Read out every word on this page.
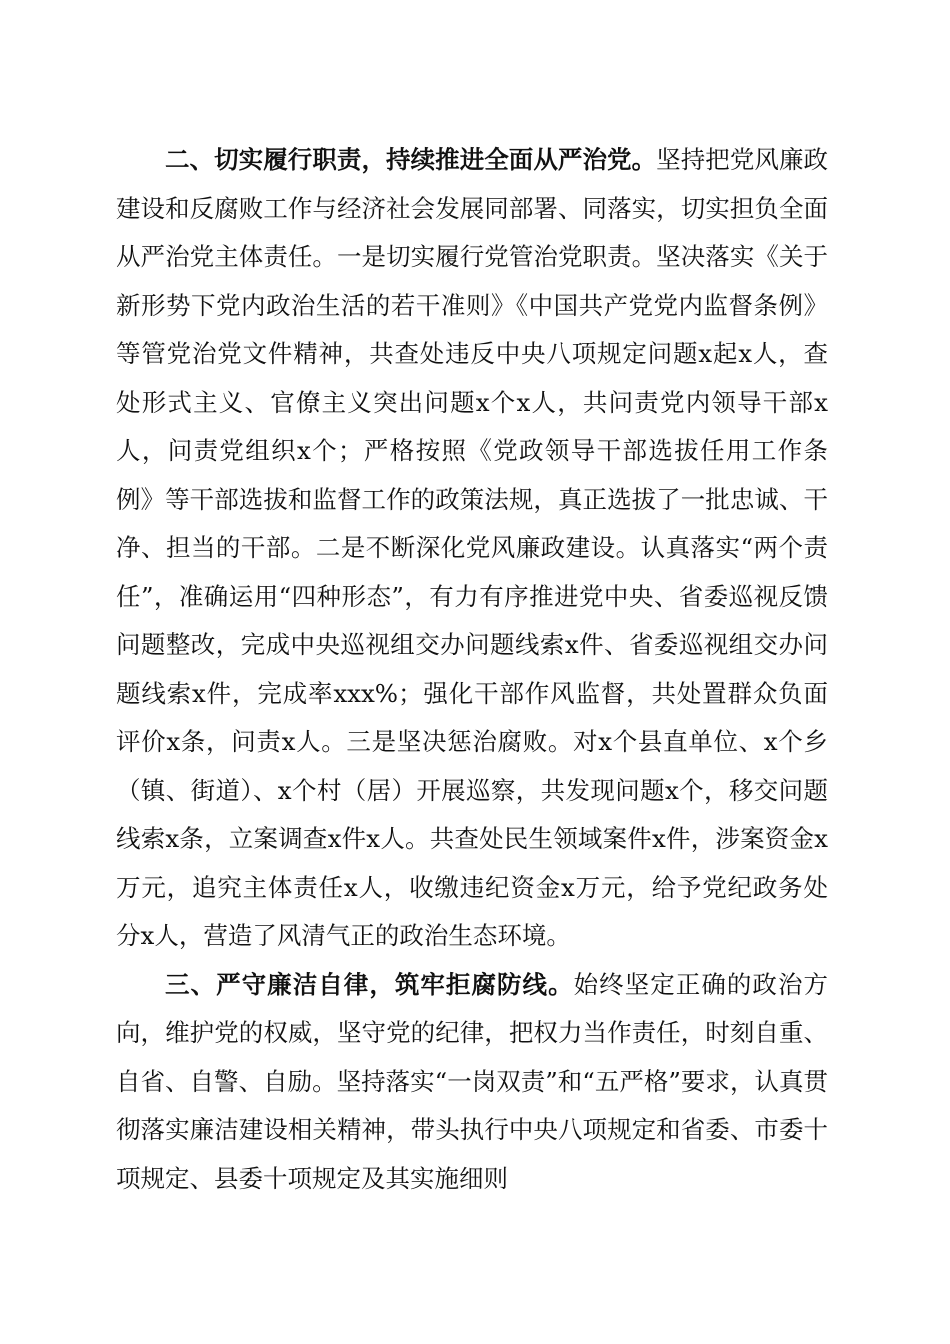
二、切实履行职责，持续推进全面从严治党。坚持把党风廉政建设和反腐败工作与经济社会发展同部署、同落实，切实担负全面从严治党主体责任。一是切实履行党管治党职责。坚决落实《关于新形势下党内政治生活的若干准则》《中国共产党党内监督条例》等管党治党文件精神，共查处违反中央八项规定问题x起x人，查处形式主义、官僚主义突出问题x个x人，共问责党内领导干部x人，问责党组织x个；严格按照《党政领导干部选拔任用工作条例》等干部选拔和监督工作的政策法规，真正选拔了一批忠诚、干净、担当的干部。二是不断深化党风廉政建设。认真落实“两个责任”，准确运用“四种形态”，有力有序推进党中央、省委巡视反馈问题整改，完成中央巡视组交办问题线索x件、省委巡视组交办问题线索x件，完成率xxx%；强化干部作风监督，共处置群众负面评价x条，问责x人。三是坚决惩治腐败。对x个县直单位、x个乡（镇、街道）、x个村（居）开展巡察，共发现问题x个，移交问题线索x条，立案调查x件x人。共查处民生领域案件x件，涉案资金x万元，追究主体责任x人，收缴违纪资金x万元，给予党纪政务处分x人，营造了风清气正的政治生态环境。

三、严守廉洁自律，筑牢拒腐防线。始终坚定正确的政治方向，维护党的权威，坚守党的纪律，把权力当作责任，时刻自重、自省、自警、自励。坚持落实“一岗双责”和“五严格”要求，认真贯彻落实廉洁建设相关精神，带头执行中央八项规定和省委、市委十项规定、县委十项规定及其实施细则
